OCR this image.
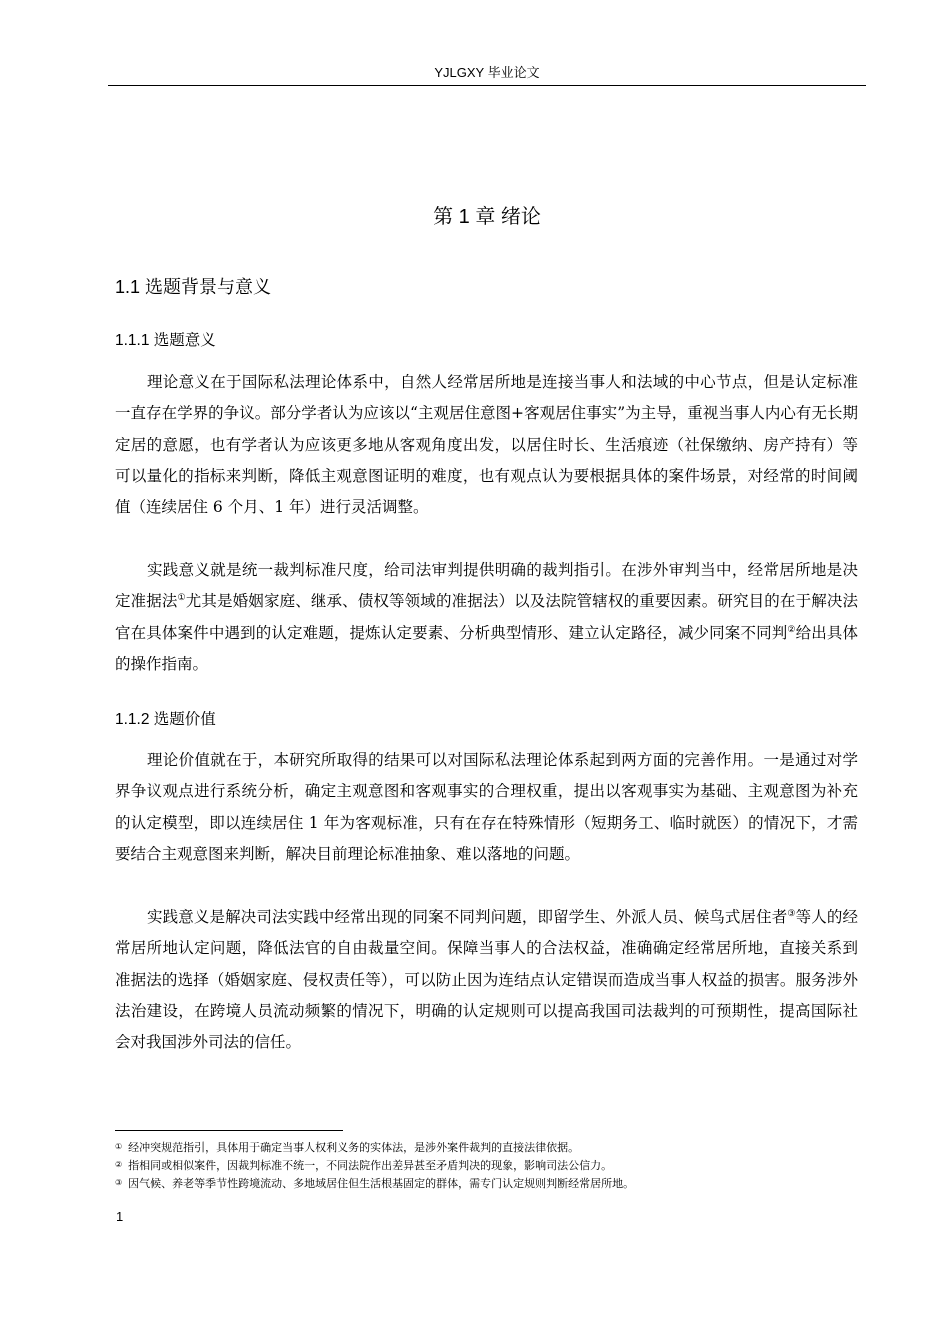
YJLGXY 毕业论文
第 1 章 绪论
1.1 选题背景与意义
1.1.1 选题意义

理论意义在于国际私法理论体系中，自然人经常居所地是连接当事人和法域的中心节点，但是认定标准一直存在学界的争议。部分学者认为应该以“主观居住意图+客观居住事实”为主导，重视当事人内心有无长期定居的意愿，也有学者认为应该更多地从客观角度出发，以居住时长、生活痕迹（社保缴纳、房产持有）等可以量化的指标来判断，降低主观意图证明的难度，也有观点认为要根据具体的案件场景，对经常的时间阈值（连续居住 6 个月、1 年）进行灵活调整。

实践意义就是统一裁判标准尺度，给司法审判提供明确的裁判指引。在涉外审判当中，经常居所地是决定准据法①尤其是婚姻家庭、继承、债权等领域的准据法）以及法院管辖权的重要因素。研究目的在于解决法官在具体案件中遇到的认定难题，提炼认定要素、分析典型情形、建立认定路径，减少同案不同判②给出具体的操作指南。

1.1.2 选题价值

理论价值就在于，本研究所取得的结果可以对国际私法理论体系起到两方面的完善作用。一是通过对学界争议观点进行系统分析，确定主观意图和客观事实的合理权重，提出以客观事实为基础、主观意图为补充的认定模型，即以连续居住 1 年为客观标准，只有在存在特殊情形（短期务工、临时就医）的情况下，才需要结合主观意图来判断，解决目前理论标准抽象、难以落地的问题。

实践意义是解决司法实践中经常出现的同案不同判问题，即留学生、外派人员、候鸟式居住者③等人的经常居所地认定问题，降低法官的自由裁量空间。保障当事人的合法权益，准确确定经常居所地，直接关系到准据法的选择（婚姻家庭、侵权责任等），可以防止因为连结点认定错误而造成当事人权益的损害。服务涉外法治建设，在跨境人员流动频繁的情况下，明确的认定规则可以提高我国司法裁判的可预期性，提高国际社会对我国涉外司法的信任。

① 经冲突规范指引，具体用于确定当事人权利义务的实体法，是涉外案件裁判的直接法律依据。
② 指相同或相似案件，因裁判标准不统一，不同法院作出差异甚至矛盾判决的现象，影响司法公信力。
③ 因气候、养老等季节性跨境流动、多地域居住但生活根基固定的群体，需专门认定规则判断经常居所地。
1
